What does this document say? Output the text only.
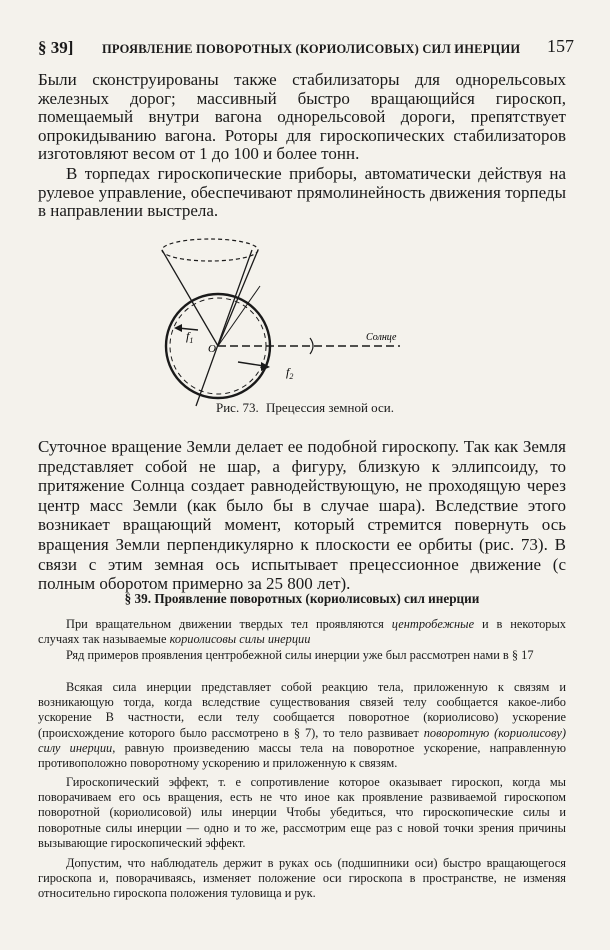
§ 39] ПРОЯВЛЕНИЕ ПОВОРОТНЫХ (КОРИОЛИСОВЫХ) СИЛ ИНЕРЦИИ 157

Были сконструированы также стабилизаторы для однорельсовых железных дорог; массивный быстро вращающийся гироскоп, помещаемый внутри вагона однорельсовой дороги, препятствует опрокидыванию вагона. Роторы для гироскопических стабилизаторов изготовляют весом от 1 до 100 и более тонн.

В торпедах гироскопические приборы, автоматически действуя на рулевое управление, обеспечивают прямолинейность движения торпеды в направлении выстрела.

O
$f_1$
$f_2$
Солнце
Рис. 73. Прецессия земной оси.

Суточное вращение Земли делает ее подобной гироскопу. Так как Земля представляет собой не шар, а фигуру, близкую к эллипсоиду, то притяжение Солнца создает равнодействующую, не проходящую через центр масс Земли (как было бы в случае шара). Вследствие этого возникает вращающий момент, который стремится повернуть ось вращения Земли перпендикулярно к плоскости ее орбиты (рис. 73). В связи с этим земная ось испытывает прецессионное движение (с полным оборотом примерно за 25 800 лет).

§ 39. Проявление поворотных (кориолисовых) сил инерции

При вращательном движении твердых тел проявляются центробежные и в некоторых случаях так называемые кориолисовы силы инерции

Ряд примеров проявления центробежной силы инерции уже был рассмотрен нами в § 17

Всякая сила инерции представляет собой реакцию тела, приложенную к связям и возникающую тогда, когда вследствие существования связей телу сообщается какое-либо ускорение В частности, если телу сообщается поворотное (кориолисово) ускорение (происхождение которого было рассмотрено в § 7), то тело развивает поворотную (кориолисову) силу инерции, равную произведению массы тела на поворотное ускорение, направленную противоположно поворотному ускорению и приложенную к связям.

Гироскопический эффект, т. е сопротивление которое оказывает гироскоп, когда мы поворачиваем его ось вращения, есть не что иное как проявление развиваемой гироскопом поворотной (кориолисовой) илы инерции Чтобы убедиться, что гироскопические силы и поворотные силы инерции — одно и то же, рассмотрим еще раз с новой точки зрения причины вызывающие гироскопический эффект.

Допустим, что наблюдатель держит в руках ось (подшипники оси) быстро вращающегося гироскопа и, поворачиваясь, изменяет положение оси гироскопа в пространстве, не изменяя относительно гироскопа положения туловища и рук.
